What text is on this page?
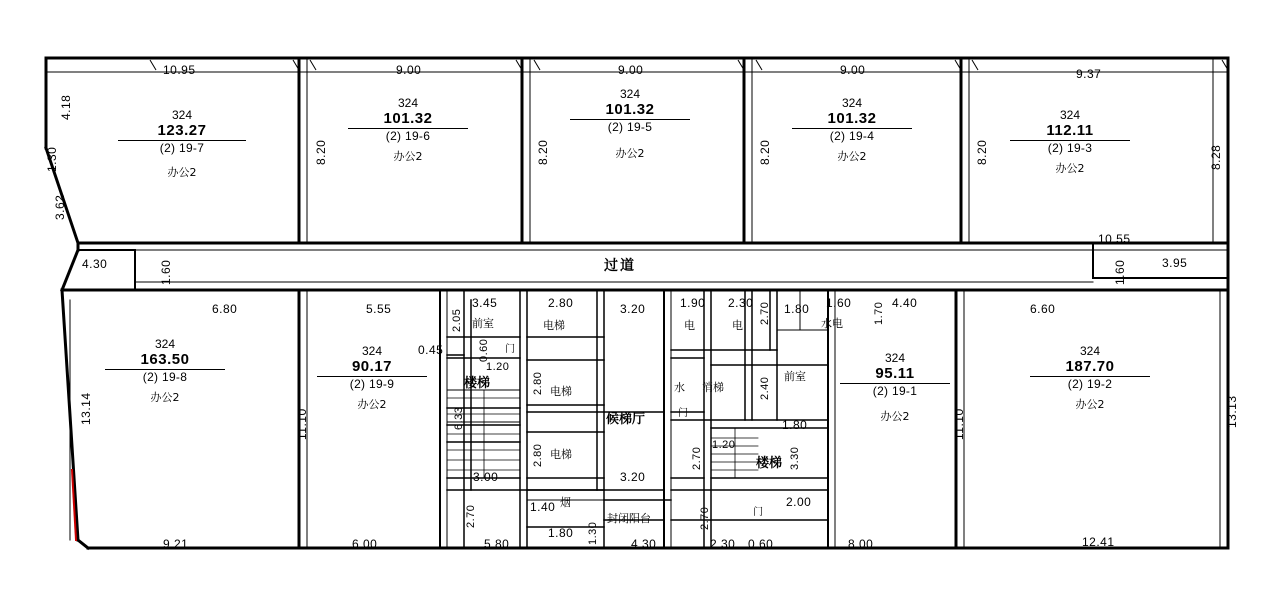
10.95	9.00	9.00	9.00	9.37
4.18
1.30
3.62
13.14
8.20	8.20	8.20	8.20	8.28
11.10	11.10	13.13
1.60	1.60
324
123.27
(2) 19-7
办公2
324
101.32
(2) 19-6
办公2
324
101.32
(2) 19-5
办公2
324
101.32
(2) 19-4
办公2
324
112.11
(2) 19-3
办公2
过道
4.30
6.80	5.55	3.45	2.80	3.20	1.90 2.30	1.80 1.60	4.40	6.60
10.55
3.95
0.45
2.05
0.60
1.20
2.80
6.33
3.00
2.80
3.20
2.70	1.40
1.80 1.30
2.70
2.70
1.20
3.30
2.00
1.80
2.70
2.40
1.70
324
163.50
(2) 19-8
办公2
324
90.17
(2) 19-9
办公2
324
95.11
(2) 19-1
办公2
324
187.70
(2) 19-2
办公2
前室	电梯
楼梯
电梯
候梯厅
电梯
电	电	水电
水 消梯
前室
楼梯
烟
封闭阳台
门
门
门
9.21	6.00	5.80	4.30	2.30 0.60	8.00	12.41
